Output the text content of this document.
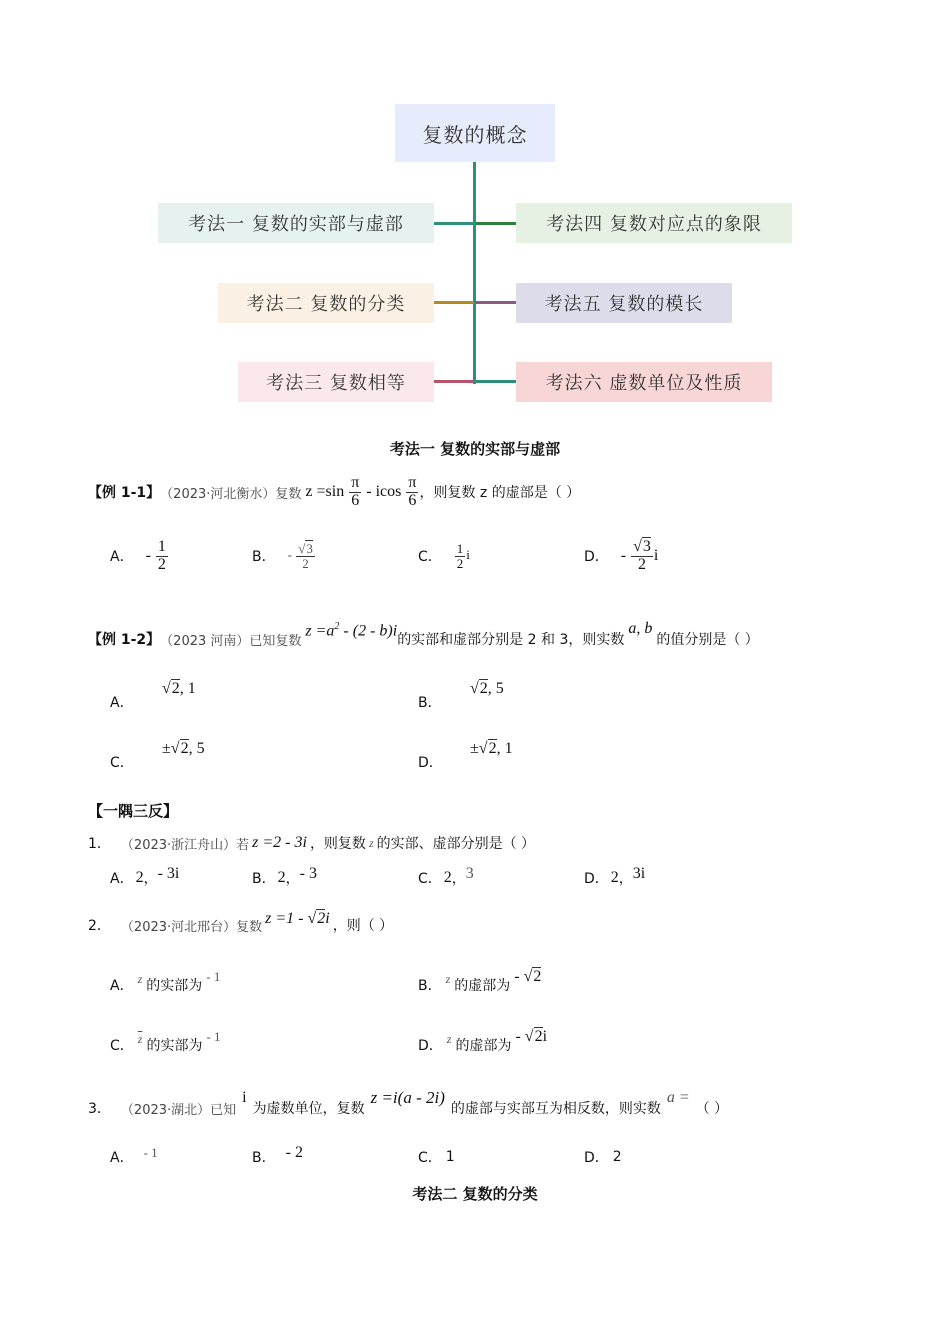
复数的概念
考法一 复数的实部与虚部
考法二 复数的分类
考法三 复数相等
考法四 复数对应点的象限
考法五 复数的模长
考法六 虚数单位及性质
考法一 复数的实部与虚部
【例 1-1】 （2023·河北衡水）复数 $z =\sin \frac{\pi}{6} - icos \frac{\pi}{6}$ ，则复数 z 的虚部是（ ）
A． - $\frac{1}{2}$	B． - $\frac{√3}{2}$	C． $\frac{1}{2}$ i	D． - $\frac{√3}{2}$ i
【例 1-2】 （2023 河南）已知复数
$z =a^2 - (2 - b)i$
的实部和虚部分别是 2 和 3，则实数
a, b
的值分别是（ ）
A．
√2, 1
B．
√2, 5
C．
±√2, 5
D．
±√2, 1
【一隅三反】
1． （2023·浙江舟山）若 z =2 - 3i ，则复数 z 的实部、虚部分别是（ ）
A． 2 ， - 3i	B． 2 ， - 3	C． 2 ， 3	D． 2 ， 3i
2． （2023·河北邢台）复数 z =1 - √2i ，则（ ）
A． z 的实部为
- 1
B． z 的虚部为
- √2
C． $\overline{z}$ 的实部为
- 1
D． z 的虚部为
- √2i
3． （2023·湖北）已知
i
为虚数单位，复数
z =i(a - 2i)
的虚部与实部互为相反数，则实数
a =
（ ）
A． - 1	B． - 2	C． 1	D． 2
考法二 复数的分类
